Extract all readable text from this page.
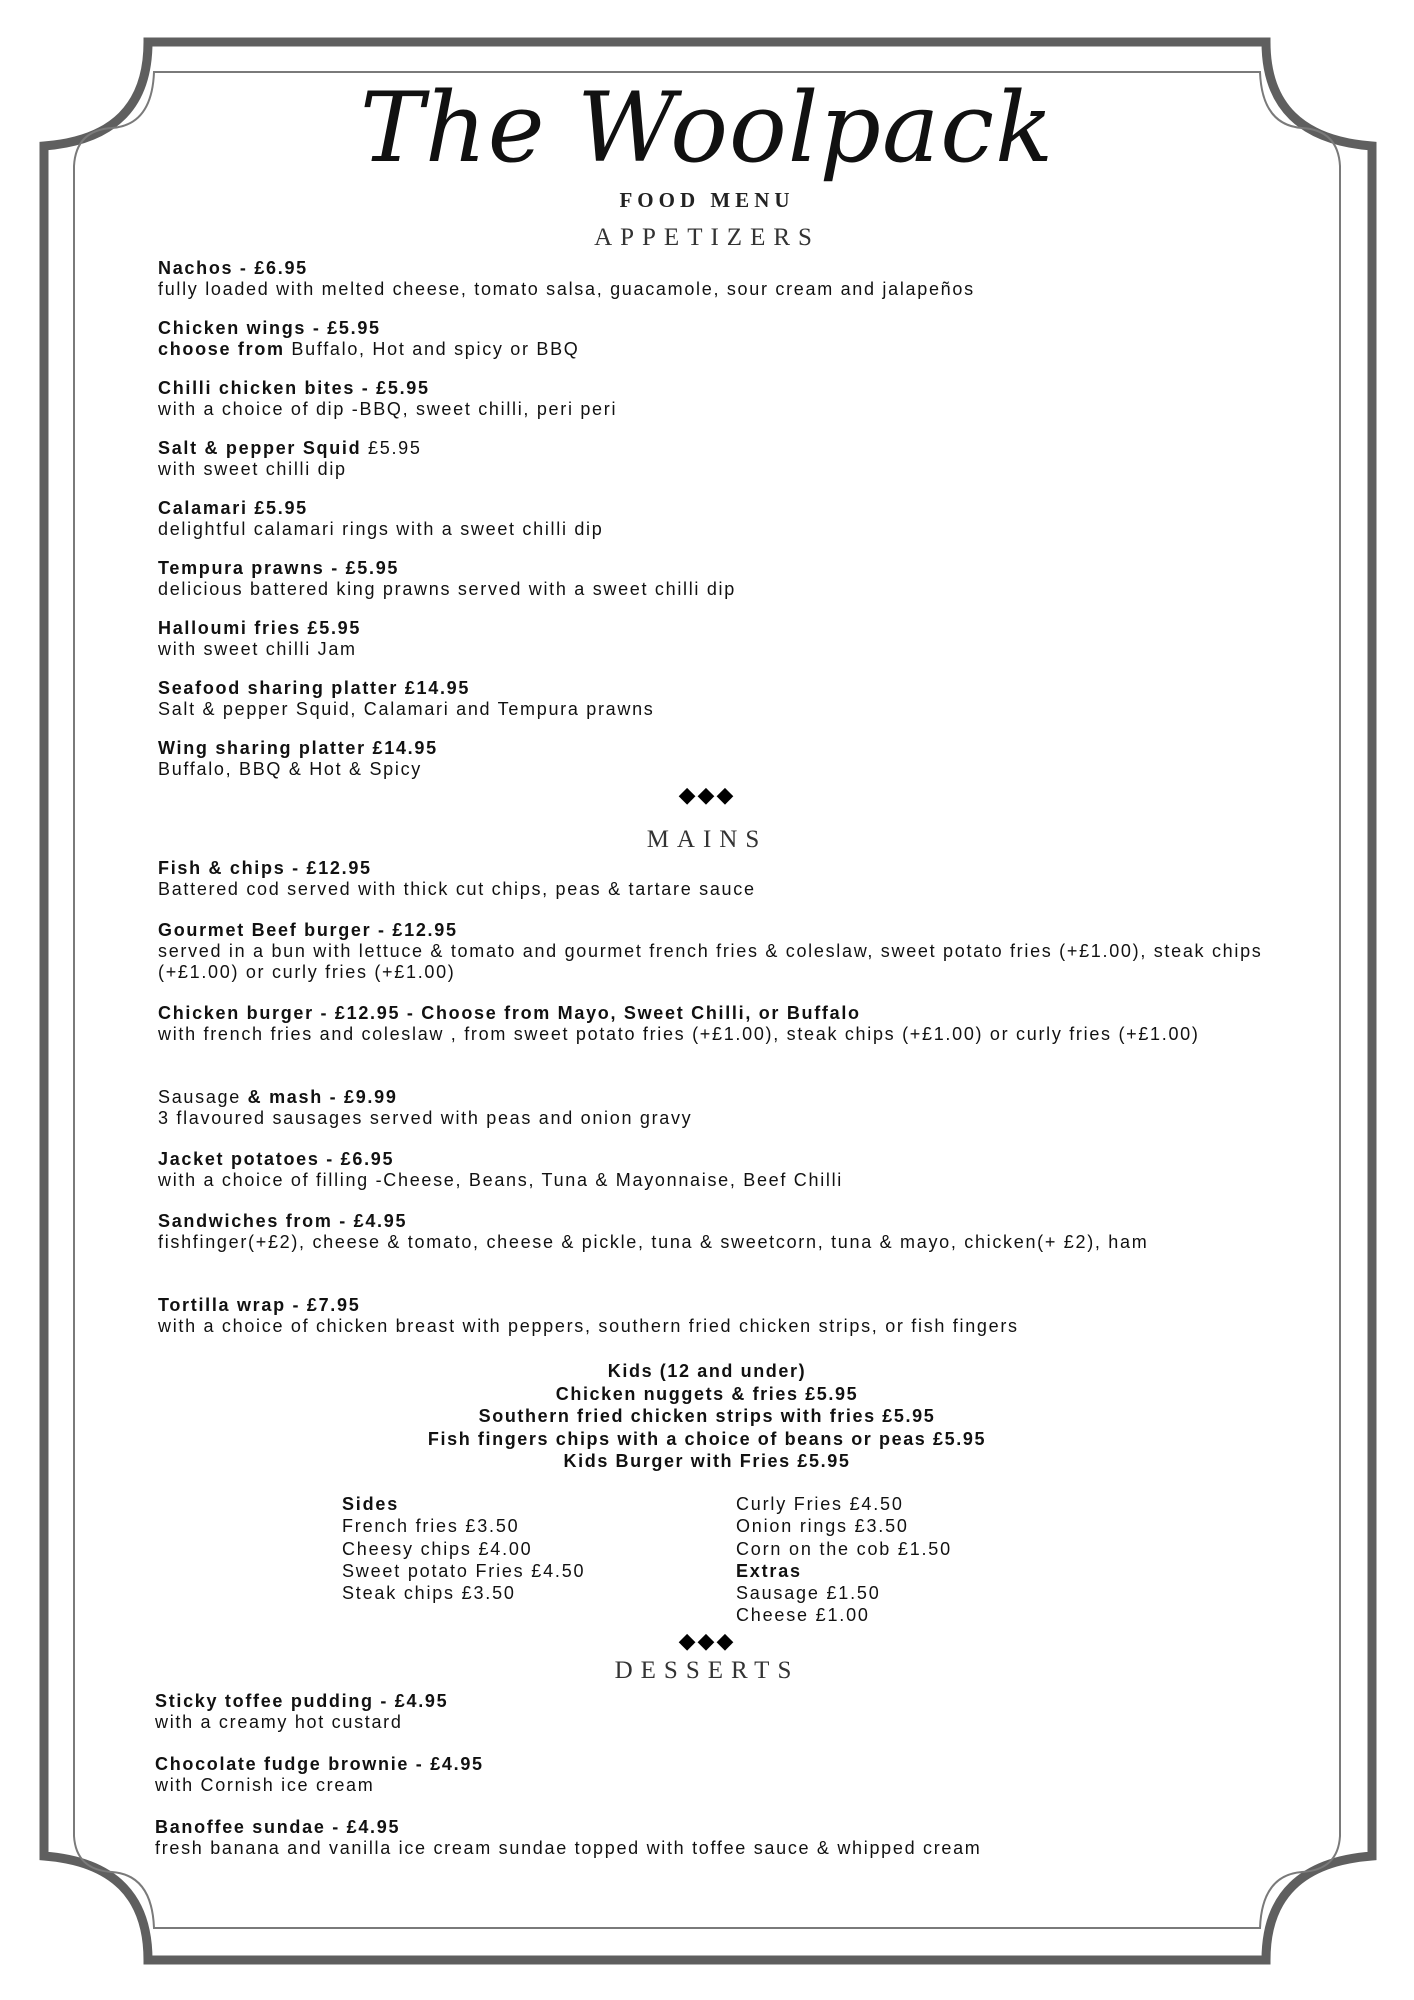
The Woolpack
FOOD MENU
APPETIZERS
Nachos - £6.95
fully loaded with melted cheese, tomato salsa, guacamole, sour cream and jalapeños
Chicken wings - £5.95
choose from Buffalo, Hot and spicy or BBQ
Chilli chicken bites - £5.95
with a choice of dip -BBQ, sweet chilli, peri peri
Salt & pepper Squid £5.95
with sweet chilli dip
Calamari £5.95
delightful calamari rings with a sweet chilli dip
Tempura prawns - £5.95
delicious battered king prawns served with a sweet chilli dip
Halloumi fries £5.95
with sweet chilli Jam
Seafood sharing platter £14.95
Salt & pepper Squid, Calamari and Tempura prawns
Wing sharing platter £14.95
Buffalo, BBQ & Hot & Spicy
◆◆◆
MAINS
Fish & chips - £12.95
Battered cod served with thick cut chips, peas & tartare sauce
Gourmet Beef burger - £12.95
served in a bun with lettuce & tomato and gourmet french fries & coleslaw, sweet potato fries (+£1.00), steak chips (+£1.00) or curly fries (+£1.00)
Chicken burger - £12.95 - Choose from Mayo, Sweet Chilli, or Buffalo
with french fries and coleslaw , from sweet potato fries (+£1.00), steak chips (+£1.00) or curly fries (+£1.00)
Sausage & mash - £9.99
3 flavoured sausages served with peas and onion gravy
Jacket potatoes - £6.95
with a choice of filling -Cheese, Beans, Tuna & Mayonnaise, Beef Chilli
Sandwiches from - £4.95
fishfinger(+£2), cheese & tomato, cheese & pickle, tuna & sweetcorn, tuna & mayo, chicken(+ £2), ham
Tortilla wrap - £7.95
with a choice of chicken breast with peppers, southern fried chicken strips, or fish fingers
Kids (12 and under)
Chicken nuggets & fries £5.95
Southern fried chicken strips with fries £5.95
Fish fingers chips with a choice of beans or peas £5.95
Kids Burger with Fries £5.95
Sides
French fries £3.50
Cheesy chips £4.00
Sweet potato Fries £4.50
Steak chips £3.50
Curly Fries £4.50
Onion rings £3.50
Corn on the cob £1.50
Extras
Sausage £1.50
Cheese £1.00
◆◆◆
DESSERTS
Sticky toffee pudding - £4.95
with a creamy hot custard
Chocolate fudge brownie - £4.95
with Cornish ice cream
Banoffee sundae - £4.95
fresh banana and vanilla ice cream sundae topped with toffee sauce & whipped cream
